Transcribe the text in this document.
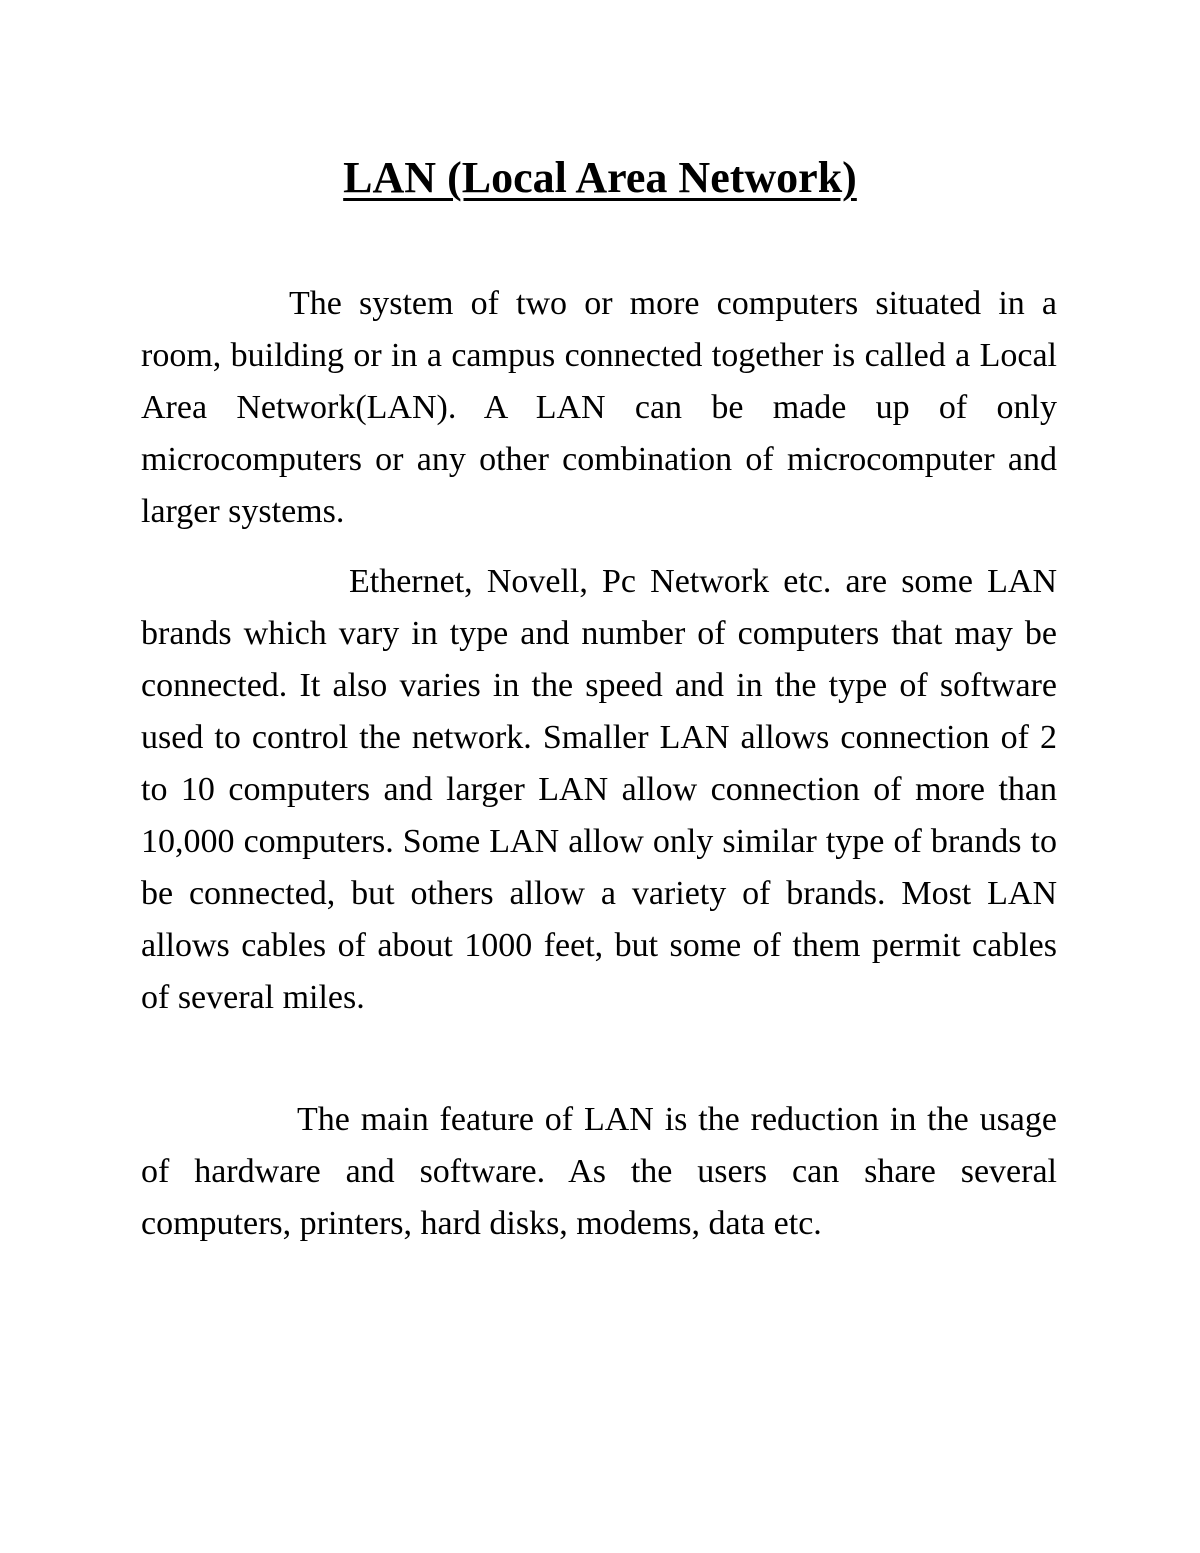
LAN (Local Area Network)

The system of two or more computers situated in a room, building or in a campus connected together is called a Local Area Network(LAN). A LAN can be made up of only microcomputers or any other combination of microcomputer and larger systems.

Ethernet, Novell, Pc Network etc. are some LAN brands which vary in type and number of computers that may be connected. It also varies in the speed and in the type of software used to control the network. Smaller LAN allows connection of 2 to 10 computers and larger LAN allow connection of more than 10,000 computers. Some LAN allow only similar type of brands to be connected, but others allow a variety of brands. Most LAN allows cables of about 1000 feet, but some of them permit cables of several miles.

The main feature of LAN is the reduction in the usage of hardware and software. As the users can share several computers, printers, hard disks, modems, data etc.
